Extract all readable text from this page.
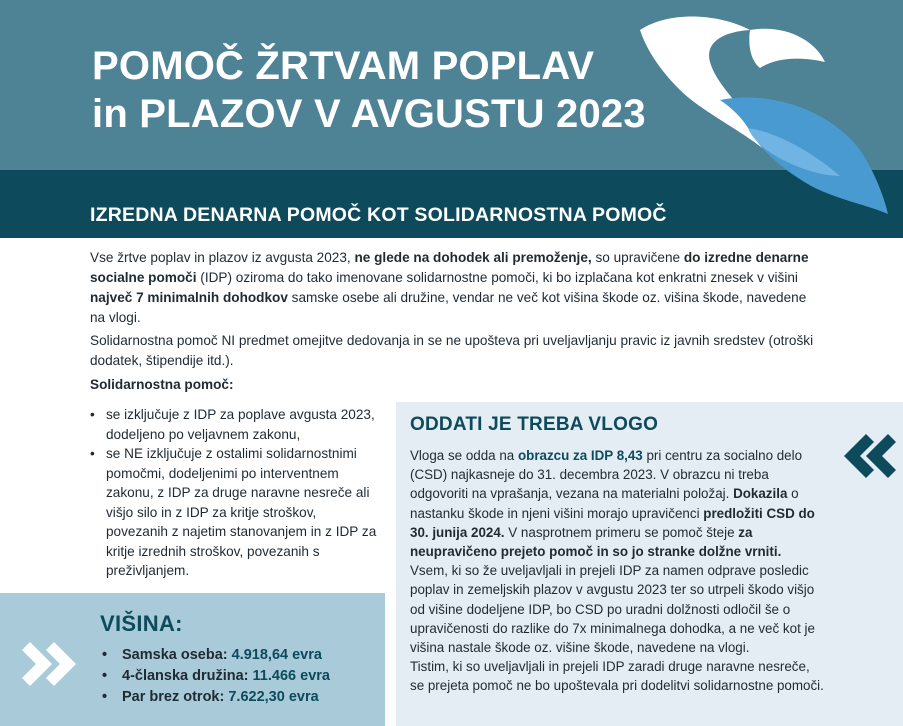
POMOČ ŽRTVAM POPLAV
in PLAZOV V AVGUSTU 2023
IZREDNA DENARNA POMOČ KOT SOLIDARNOSTNA POMOČ
Vse žrtve poplav in plazov iz avgusta 2023, ne glede na dohodek ali premoženje, so upravičene do izredne denarne socialne pomoči (IDP) oziroma do tako imenovane solidarnostne pomoči, ki bo izplačana kot enkratni znesek v višini največ 7 minimalnih dohodkov samske osebe ali družine, vendar ne več kot višina škode oz. višina škode, navedene na vlogi.
Solidarnostna pomoč NI predmet omejitve dedovanja in se ne upošteva pri uveljavljanju pravic iz javnih sredstev (otroški dodatek, štipendije itd.).
Solidarnostna pomoč:
• se izključuje z IDP za poplave avgusta 2023, dodeljeno po veljavnem zakonu,
• se NE izključuje z ostalimi solidarnostnimi pomočmi, dodeljenimi po interventnem zakonu, z IDP za druge naravne nesreče ali višjo silo in z IDP za kritje stroškov, povezanih z najetim stanovanjem in z IDP za kritje izrednih stroškov, povezanih s preživljanjem.
ODDATI JE TREBA VLOGO
Vloga se odda na obrazcu za IDP 8,43 pri centru za socialno delo (CSD) najkasneje do 31. decembra 2023. V obrazcu ni treba odgovoriti na vprašanja, vezana na materialni položaj. Dokazila o nastanku škode in njeni višini morajo upravičenci predložiti CSD do 30. junija 2024. V nasprotnem primeru se pomoč šteje za neupravičeno prejeto pomoč in so jo stranke dolžne vrniti.
Vsem, ki so že uveljavljali in prejeli IDP za namen odprave posledic poplav in zemeljskih plazov v avgustu 2023 ter so utrpeli škodo višjo od višine dodeljene IDP, bo CSD po uradni dolžnosti odločil še o upravičenosti do razlike do 7x minimalnega dohodka, a ne več kot je višina nastale škode oz. višine škode, navedene na vlogi.
Tistim, ki so uveljavljali in prejeli IDP zaradi druge naravne nesreče, se prejeta pomoč ne bo upoštevala pri dodelitvi solidarnostne pomoči.
VIŠINA:
• Samska oseba: 4.918,64 evra
• 4-članska družina: 11.466 evra
• Par brez otrok: 7.622,30 evra
